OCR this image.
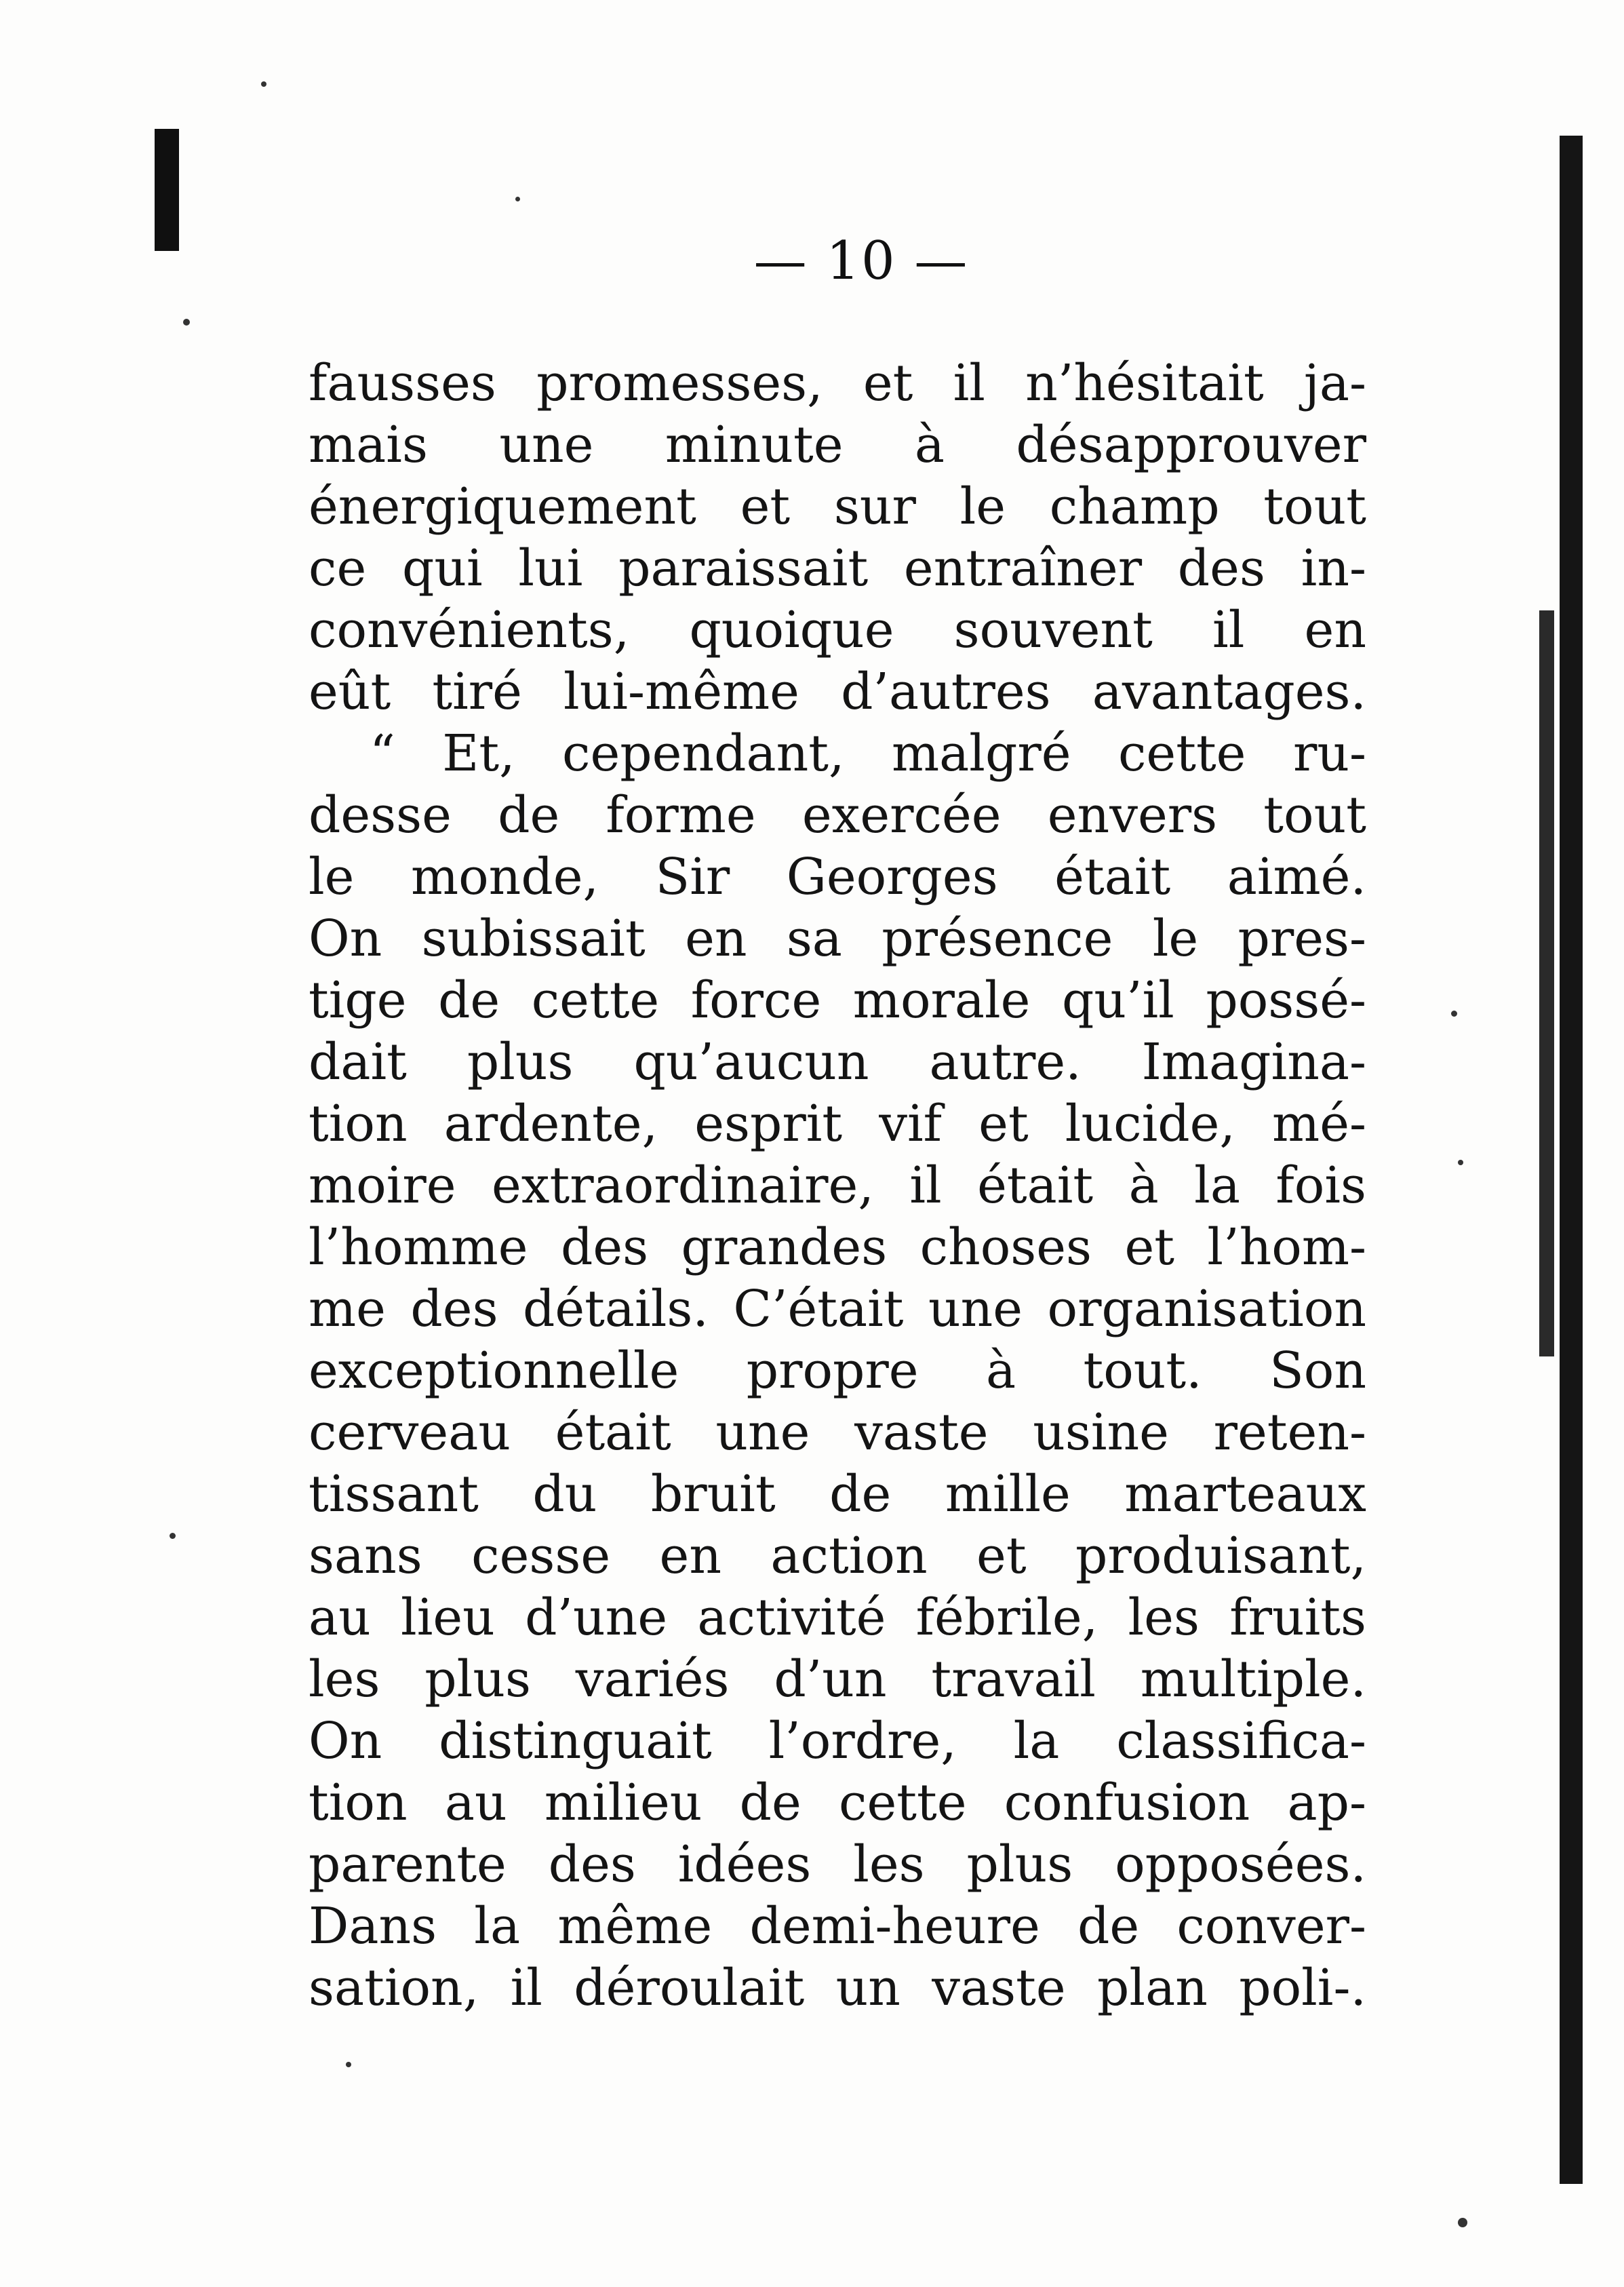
— 10 —
fausses promesses, et il n’hésitait ja-
mais une minute à désapprouver
énergiquement et sur le champ tout
ce qui lui paraissait entraîner des in-
convénients, quoique souvent il en
eût tiré lui-même d’autres avantages.
“ Et, cependant, malgré cette ru-
desse de forme exercée envers tout
le monde, Sir Georges était aimé.
On subissait en sa présence le pres-
tige de cette force morale qu’il possé-
dait plus qu’aucun autre. Imagina-
tion ardente, esprit vif et lucide, mé-
moire extraordinaire, il était à la fois
l’homme des grandes choses et l’hom-
me des détails. C’était une organisation
exceptionnelle propre à tout. Son
cerveau était une vaste usine reten-
tissant du bruit de mille marteaux
sans cesse en action et produisant,
au lieu d’une activité fébrile, les fruits
les plus variés d’un travail multiple.
On distinguait l’ordre, la classifica-
tion au milieu de cette confusion ap-
parente des idées les plus opposées.
Dans la même demi-heure de conver-
sation, il déroulait un vaste plan poli-.
